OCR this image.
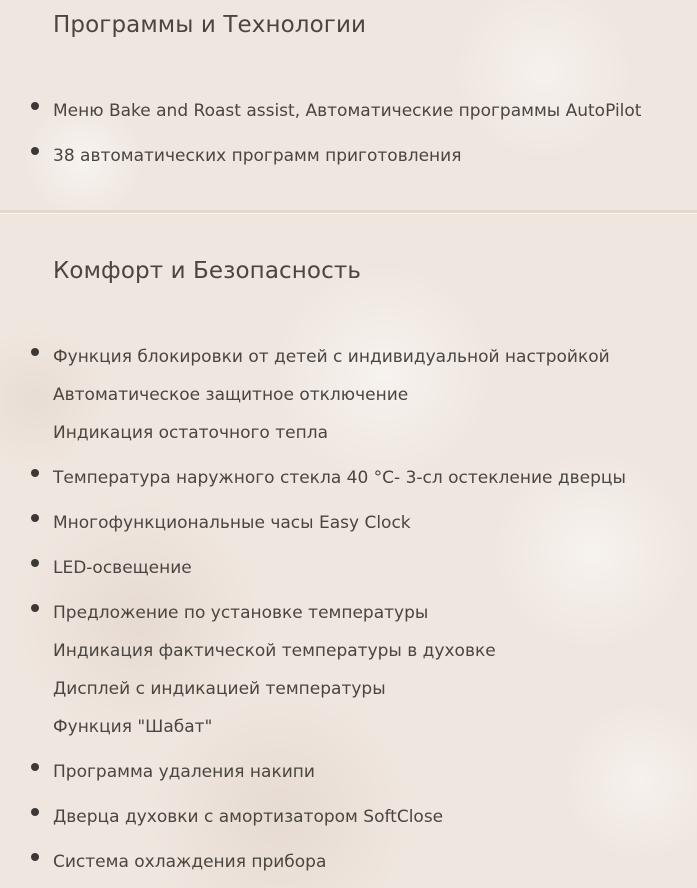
Программы и Технологии
Меню Bake and Roast assist, Автоматические программы AutoPilot
38 автоматических программ приготовления
Комфорт и Безопасность
Функция блокировки от детей с индивидуальной настройкой
Автоматическое защитное отключение
Индикация остаточного тепла
Температура наружного стекла 40 °C- 3-сл остекление дверцы
Многофункциональные часы Easy Clock
LED-освещение
Предложение по установке температуры
Индикация фактической температуры в духовке
Дисплей с индикацией температуры
Функция "Шабат"
Программа удаления накипи
Дверца духовки с амортизатором SoftClose
Система охлаждения прибора
